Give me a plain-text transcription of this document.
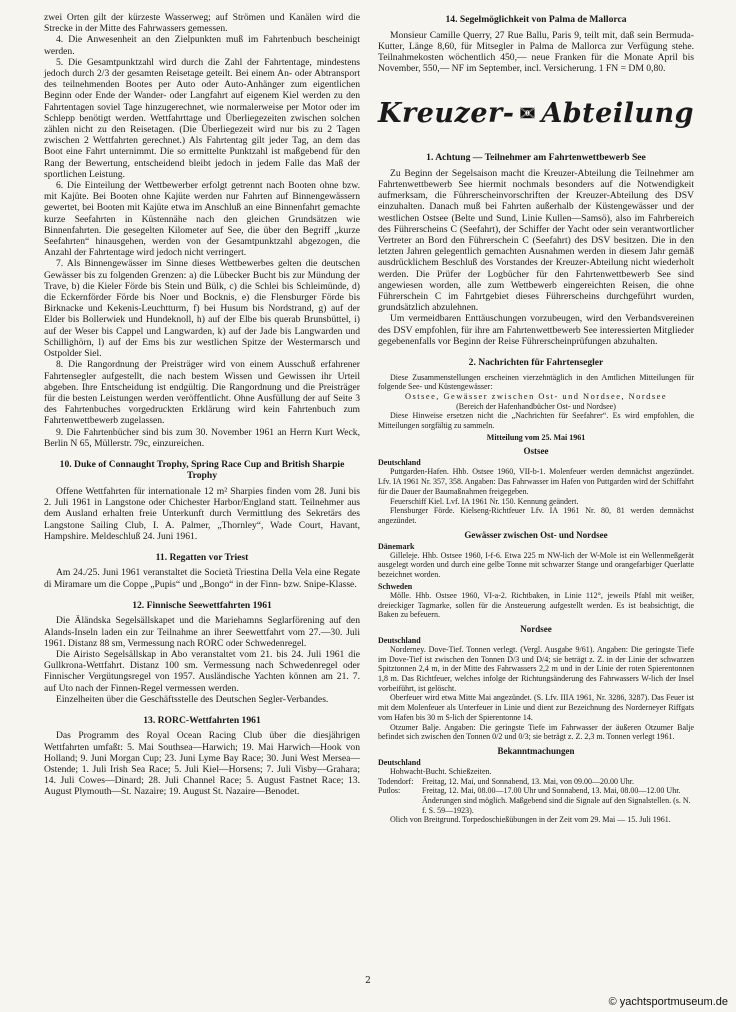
zwei Orten gilt der kürzeste Wasserweg; auf Strömen und Kanälen wird die Strecke in der Mitte des Fahrwassers gemessen.

4. Die Anwesenheit an den Zielpunkten muß im Fahrtenbuch bescheinigt werden.

5. Die Gesamtpunktzahl wird durch die Zahl der Fahrtentage, mindestens jedoch durch 2/3 der gesamten Reisetage geteilt. Bei einem An- oder Abtransport des teilnehmenden Bootes per Auto oder Auto-Anhänger zum eigentlichen Beginn oder Ende der Wander- oder Langfahrt auf eigenem Kiel werden zu den Fahrtentagen soviel Tage hinzugerechnet, wie normalerweise per Motor oder im Schlepp benötigt werden. Wettfahrttage und Überliegezeiten zwischen solchen zählen nicht zu den Reisetagen. (Die Überliegezeit wird nur bis zu 2 Tagen zwischen 2 Wettfahrten gerechnet.) Als Fahrtentag gilt jeder Tag, an dem das Boot eine Fahrt unternimmt. Die so ermittelte Punktzahl ist maßgebend für den Rang der Bewertung, entscheidend bleibt jedoch in jedem Falle das Maß der sportlichen Leistung.

6. Die Einteilung der Wettbewerber erfolgt getrennt nach Booten ohne bzw. mit Kajüte. Bei Booten ohne Kajüte werden nur Fahrten auf Binnengewässern gewertet, bei Booten mit Kajüte etwa im Anschluß an eine Binnenfahrt gemachte kurze Seefahrten in Küstennähe nach den gleichen Grundsätzen wie Binnenfahrten. Die gesegelten Kilometer auf See, die über den Begriff „kurze Seefahrten“ hinausgehen, werden von der Gesamtpunktzahl abgezogen, die Anzahl der Fahrtentage wird jedoch nicht verringert.

7. Als Binnengewässer im Sinne dieses Wettbewerbes gelten die deutschen Gewässer bis zu folgenden Grenzen: a) die Lübecker Bucht bis zur Mündung der Trave, b) die Kieler Förde bis Stein und Bülk, c) die Schlei bis Schleimünde, d) die Eckernförder Förde bis Noer und Bocknis, e) die Flensburger Förde bis Birknacke und Kekenis-Leuchtturm, f) bei Husum bis Nordstrand, g) auf der Elder bis Bollerwiek und Hundeknoll, h) auf der Elbe bis querab Brunsbüttel, i) auf der Weser bis Cappel und Langwarden, k) auf der Jade bis Langwarden und Schillighörn, l) auf der Ems bis zur westlichen Spitze der Westermarsch und Ostpolder Siel.

8. Die Rangordnung der Preisträger wird von einem Ausschuß erfahrener Fahrtensegler aufgestellt, die nach bestem Wissen und Gewissen ihr Urteil abgeben. Ihre Entscheidung ist endgültig. Die Rangordnung und die Preisträger für die besten Leistungen werden veröffentlicht. Ohne Ausfüllung der auf Seite 3 des Fahrtenbuches vorgedruckten Erklärung wird kein Fahrtenbuch zum Fahrtenwettbewerb zugelassen.

9. Die Fahrtenbücher sind bis zum 30. November 1961 an Herrn Kurt Weck, Berlin N 65, Müllerstr. 79c, einzureichen.

10. Duke of Connaught Trophy, Spring Race Cup and British Sharpie Trophy

Offene Wettfahrten für internationale 12 m² Sharpies finden vom 28. Juni bis 2. Juli 1961 in Langstone oder Chichester Harbor/England statt. Teilnehmer aus dem Ausland erhalten freie Unterkunft durch Vermittlung des Sekretärs des Langstone Sailing Club, I. A. Palmer, „Thornley“, Wade Court, Havant, Hampshire. Meldeschluß 24. Juni 1961.

11. Regatten vor Triest

Am 24./25. Juni 1961 veranstaltet die Società Triestina Della Vela eine Regate di Miramare um die Coppe „Pupis“ und „Bongo“ in der Finn- bzw. Snipe-Klasse.

12. Finnische Seewettfahrten 1961

Die Äländska Segelsällskapet und die Mariehamns Seglarförening auf den Alands-Inseln laden ein zur Teilnahme an ihrer Seewettfahrt vom 27.—30. Juli 1961. Distanz 88 sm, Vermessung nach RORC oder Schwedenregel.

Die Airisto Segelsällskap in Abo veranstaltet vom 21. bis 24. Juli 1961 die Gullkrona-Wettfahrt. Distanz 100 sm. Vermessung nach Schwedenregel oder Finnischer Vergütungsregel von 1957. Ausländische Yachten können am 21. 7. auf Uto nach der Finnen-Regel vermessen werden.

Einzelheiten über die Geschäftsstelle des Deutschen Segler-Verbandes.

13. RORC-Wettfahrten 1961

Das Programm des Royal Ocean Racing Club über die diesjährigen Wettfahrten umfaßt: 5. Mai Southsea—Harwich; 19. Mai Harwich—Hook von Holland; 9. Juni Morgan Cup; 23. Juni Lyme Bay Race; 30. Juni West Mersea—Ostende; 1. Juli Irish Sea Race; 5. Juli Kiel—Horsens; 7. Juli Visby—Grahara; 14. Juli Cowes—Dinard; 28. Juli Channel Race; 5. August Fastnet Race; 13. August Plymouth—St. Nazaire; 19. August St. Nazaire—Benodet.

14. Segelmöglichkeit von Palma de Mallorca

Monsieur Camille Querry, 27 Rue Ballu, Paris 9, teilt mit, daß sein Bermuda-Kutter, Länge 8,60, für Mitsegler in Palma de Mallorca zur Verfügung stehe. Teilnahmekosten wöchentlich 450,— neue Franken für die Monate April bis November, 550,— NF im September, incl. Versicherung. 1 FN = DM 0,80.

Kreuzer- Abteilung
1. Achtung — Teilnehmer am Fahrtenwettbewerb See

Zu Beginn der Segelsaison macht die Kreuzer-Abteilung die Teilnehmer am Fahrtenwettbewerb See hiermit nochmals besonders auf die Notwendigkeit aufmerksam, die Führerscheinvorschriften der Kreuzer-Abteilung des DSV einzuhalten. Danach muß bei Fahrten außerhalb der Küstengewässer und der westlichen Ostsee (Belte und Sund, Linie Kullen—Samsö), also im Fahrbereich des Führerscheins C (Seefahrt), der Schiffer der Yacht oder sein verantwortlicher Vertreter an Bord den Führerschein C (Seefahrt) des DSV besitzen. Die in den letzten Jahren gelegentlich gemachten Ausnahmen werden in diesem Jahr gemäß ausdrücklichem Beschluß des Vorstandes der Kreuzer-Abteilung nicht wiederholt werden. Die Prüfer der Logbücher für den Fahrtenwettbewerb See sind angewiesen worden, alle zum Wettbewerb eingereichten Reisen, die ohne Führerschein C im Fahrtgebiet dieses Führerscheins durchgeführt wurden, grundsätzlich abzulehnen.

Um vermeidbaren Enttäuschungen vorzubeugen, wird den Verbandsvereinen des DSV empfohlen, für ihre am Fahrtenwettbewerb See interessierten Mitglieder gegebenenfalls vor Beginn der Reise Führerscheinprüfungen abzuhalten.

2. Nachrichten für Fahrtensegler

Diese Zusammenstellungen erscheinen vierzehntäglich in den Amtlichen Mitteilungen für folgende See- und Küstengewässer:

Ostsee, Gewässer zwischen Ost- und Nordsee, Nordsee

(Bereich der Hafenhandbücher Ost- und Nordsee)

Diese Hinweise ersetzen nicht die „Nachrichten für Seefahrer“. Es wird empfohlen, die Mitteilungen sorgfältig zu sammeln.

Mitteilung vom 25. Mai 1961

Ostsee
Deutschland

Puttgarden-Hafen. Hhb. Ostsee 1960, VII-b-1. Molenfeuer werden demnächst angezündet. Lfv. IA 1961 Nr. 357, 358. Angaben: Das Fahrwasser im Hafen von Puttgarden wird der Schiffahrt für die Dauer der Baumaßnahmen freigegeben.

Feuerschiff Kiel. Lvf. IA 1961 Nr. 150. Kennung geändert.

Flensburger Förde. Kielseng-Richtfeuer Lfv. IA 1961 Nr. 80, 81 werden demnächst angezündet.

Gewässer zwischen Ost- und Nordsee
Dänemark

Gilleleje. Hhb. Ostsee 1960, I-f-6. Etwa 225 m NW-lich der W-Mole ist ein Wellenmeßgerät ausgelegt worden und durch eine gelbe Tonne mit schwarzer Stange und orangefarbiger Querlatte bezeichnet worden.

Schweden

Mölle. Hhb. Ostsee 1960, VI-a-2. Richtbaken, in Linie 112°, jeweils Pfahl mit weißer, dreieckiger Tagmarke, sollen für die Ansteuerung aufgestellt werden. Es ist beabsichtigt, die Baken zu befeuern.

Nordsee
Deutschland

Norderney. Dove-Tief. Tonnen verlegt. (Vergl. Ausgabe 9/61). Angaben: Die geringste Tiefe im Dove-Tief ist zwischen den Tonnen D/3 und D/4; sie beträgt z. Z. in der Linie der schwarzen Spitztonnen 2,4 m, in der Mitte des Fahrwassers 2,2 m und in der Linie der roten Spierentonnen 1,8 m. Das Richtfeuer, welches infolge der Richtungsänderung des Fahrwassers W-lich der Insel vorbeiführt, ist gelöscht.

Oberfeuer wird etwa Mitte Mai angezündet. (S. Lfv. IIIA 1961, Nr. 3286, 3287). Das Feuer ist mit dem Molenfeuer als Unterfeuer in Linie und dient zur Bezeichnung des Norderneyer Riffgats vom Hafen bis 30 m S-lich der Spierentonne 14.

Otzumer Balje. Angaben: Die geringste Tiefe im Fahrwasser der äußeren Otzumer Balje befindet sich zwischen den Tonnen 0/2 und 0/3; sie beträgt z. Z. 2,3 m. Tonnen verlegt 1961.

Bekanntmachungen
Deutschland

Hohwacht-Bucht. Schießzeiten.

Todendorf:	Freitag, 12. Mai, und Sonnabend, 13. Mai, von 09.00—20.00 Uhr.
Putlos:	Freitag, 12. Mai, 08.00—17.00 Uhr und Sonnabend, 13. Mai, 08.00—12.00 Uhr. Änderungen sind möglich. Maßgebend sind die Signale auf den Signalstellen. (s. N. f. S. 59—1923).

Olich von Breitgrund. Torpedoschießübungen in der Zeit vom 29. Mai — 15. Juli 1961.

2
© yachtsportmuseum.de
